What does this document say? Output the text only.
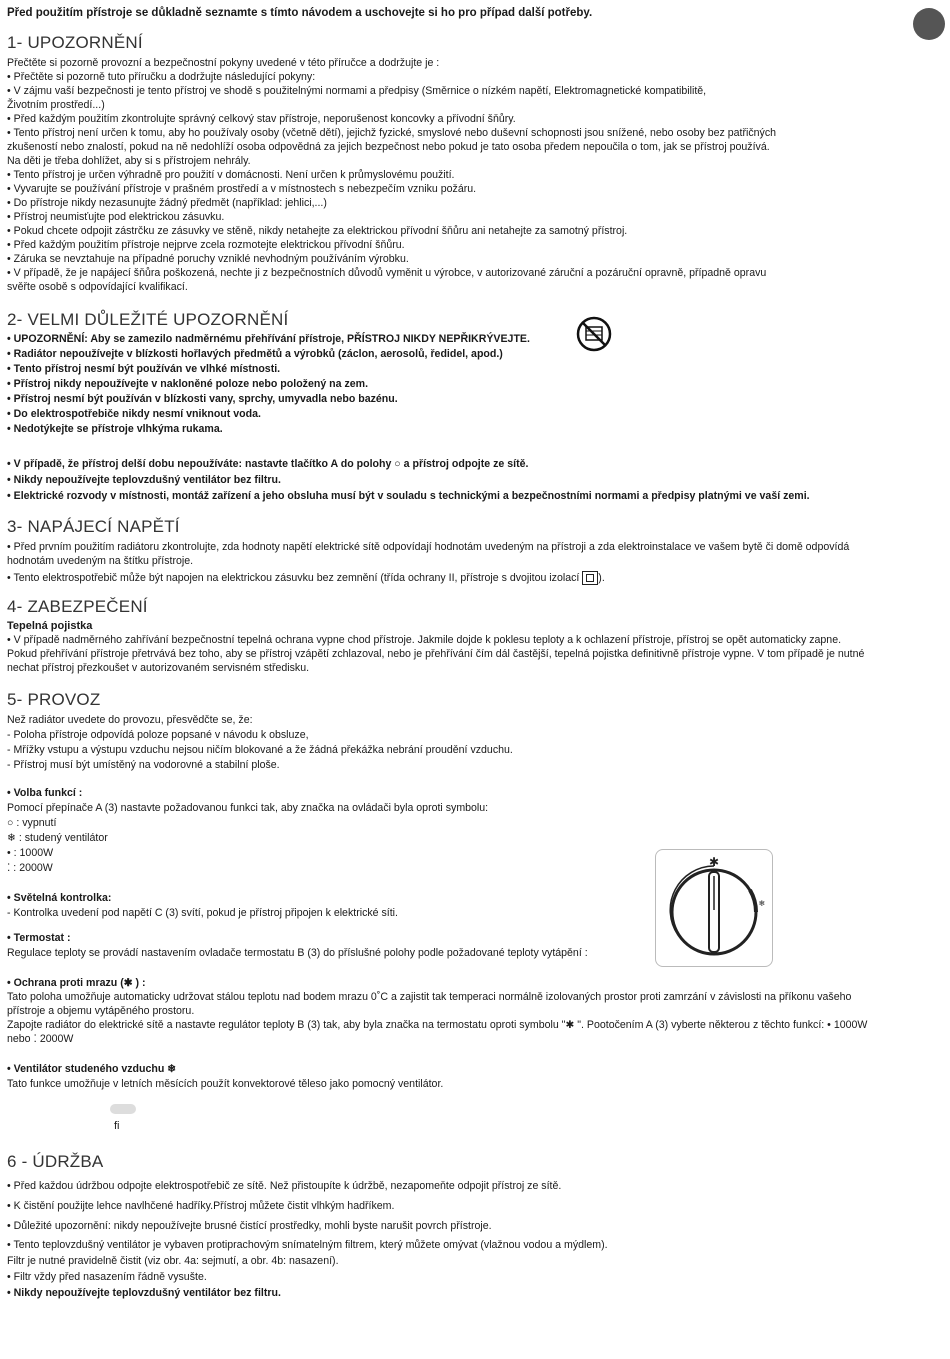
Před použitím přístroje se důkladně seznamte s tímto návodem a uschovejte si ho pro případ další potřeby.
1- UPOZORNĚNÍ

Přečtěte si pozorně provozní a bezpečnostní pokyny uvedené v této příručce a dodržujte je :

• Přečtěte si pozorně tuto příručku a dodržujte následující pokyny:

• V zájmu vaší bezpečnosti je tento přístroj ve shodě s použitelnými normami a předpisy (Směrnice o nízkém napětí, Elektromagnetické kompatibilitě,

Životním prostředí...)

• Před každým použitím zkontrolujte správný celkový stav přístroje, neporušenost koncovky a přívodní šňůry.

• Tento přístroj není určen k tomu, aby ho používaly osoby (včetně dětí), jejichž fyzické, smyslové nebo duševní schopnosti jsou snížené, nebo osoby bez patřičných

zkušeností nebo znalostí, pokud na ně nedohlíží osoba odpovědná za jejich bezpečnost nebo pokud je tato osoba předem nepoučila o tom, jak se přístroj používá.

Na děti je třeba dohlížet, aby si s přístrojem nehrály.

• Tento přístroj je určen výhradně pro použití v domácnosti. Není určen k průmyslovému použití.

• Vyvarujte se používání přístroje v prašném prostředí a v místnostech s nebezpečím vzniku požáru.

• Do přístroje nikdy nezasunujte žádný předmět (například: jehlici,...)

• Přístroj neumisťujte pod elektrickou zásuvku.

• Pokud chcete odpojit zástrčku ze zásuvky ve stěně, nikdy netahejte za elektrickou přívodní šňůru ani netahejte za samotný přístroj.

• Před každým použitím přístroje nejprve zcela rozmotejte elektrickou přívodní šňůru.

• Záruka se nevztahuje na případné poruchy vzniklé nevhodným používáním výrobku.

• V případě, že je napájecí šňůra poškozená, nechte ji z bezpečnostních důvodů vyměnit u výrobce, v autorizované záruční a pozáruční opravně, případně opravu

svěřte osobě s odpovídající kvalifikací.

2- VELMI DŮLEŽITÉ UPOZORNĚNÍ

• UPOZORNĚNÍ: Aby se zamezilo nadměrnému přehřívání přístroje, PŘÍSTROJ NIKDY NEPŘIKRÝVEJTE.

• Radiátor nepoužívejte v blízkosti hořlavých předmětů a výrobků (záclon, aerosolů, ředidel, apod.)

• Tento přístroj nesmí být používán ve vlhké místnosti.

• Přístroj nikdy nepoužívejte v nakloněné poloze nebo položený na zem.

• Přístroj nesmí být používán v blízkosti vany, sprchy, umyvadla nebo bazénu.

• Do elektrospotřebiče nikdy nesmí vniknout voda.

• Nedotýkejte se přístroje vlhkýma rukama.

• V případě, že přístroj delší dobu nepoužíváte: nastavte tlačítko A do polohy ○ a přístroj odpojte ze sítě.

• Nikdy nepoužívejte teplovzdušný ventilátor bez filtru.

• Elektrické rozvody v místnosti, montáž zařízení a jeho obsluha musí být v souladu s technickými a bezpečnostními normami a předpisy platnými ve vaší zemi.

3- NAPÁJECÍ NAPĚTÍ

• Před prvním použitím radiátoru zkontrolujte, zda hodnoty napětí elektrické sítě odpovídají hodnotám uvedeným na přístroji a zda elektroinstalace ve vašem bytě či domě odpovídá

hodnotám uvedeným na štítku přístroje.

• Tento elektrospotřebič může být napojen na elektrickou zásuvku bez zemnění (třída ochrany II, přístroje s dvojitou izolací ).

4- ZABEZPEČENÍ

Tepelná pojistka

• V případě nadměrného zahřívání bezpečnostní tepelná ochrana vypne chod přístroje. Jakmile dojde k poklesu teploty a k ochlazení přístroje, přístroj se opět automaticky zapne.

Pokud přehřívání přístroje přetrvává bez toho, aby se přístroj vzápětí zchlazoval, nebo je přehřívání čím dál častější, tepelná pojistka definitivně přístroje vypne. V tom případě je nutné

nechat přístroj přezkoušet v autorizovaném servisném středisku.

5- PROVOZ

Než radiátor uvedete do provozu, přesvědčte se, že:

- Poloha přístroje odpovídá poloze popsané v návodu k obsluze,

- Mřížky vstupu a výstupu vzduchu nejsou ničím blokované a že žádná překážka nebrání proudění vzduchu.

- Přístroj musí být umístěný na vodorovné a stabilní ploše.

• Volba funkcí :

Pomocí přepínače A (3) nastavte požadovanou funkci tak, aby značka na ovládači byla oproti symbolu:

○ : vypnutí

❄ : studený ventilátor

• : 1000W

⁚ : 2000W	✱
❄

• Světelná kontrolka:

- Kontrolka uvedení pod napětí C (3) svítí, pokud je přístroj připojen k elektrické síti.

• Termostat :

Regulace teploty se provádí nastavením ovladače termostatu B (3) do příslušné polohy podle požadované teploty vytápění :

• Ochrana proti mrazu (✱ ) :

Tato poloha umožňuje automaticky udržovat stálou teplotu nad bodem mrazu 0˚C a zajistit tak temperaci normálně izolovaných prostor proti zamrzání v závislosti na příkonu vašeho

přístroje a objemu vytápěného prostoru.

Zapojte radiátor do elektrické sítě a nastavte regulátor teploty B (3) tak, aby byla značka na termostatu oproti symbolu "✱ ". Pootočením A (3) vyberte některou z těchto funkcí: • 1000W

nebo ⁚ 2000W

• Ventilátor studeného vzduchu ❄

Tato funkce umožňuje v letních měsících použít konvektorové těleso jako pomocný ventilátor.

fi
6 - ÚDRŽBA

• Před každou údržbou odpojte elektrospotřebič ze sítě. Než přistoupíte k údržbě, nezapomeňte odpojit přístroj ze sítě.

• K čistění použijte lehce navlhčené hadříky.Přístroj můžete čistit vlhkým hadříkem.

• Důležité upozornění: nikdy nepoužívejte brusné čistící prostředky, mohli byste narušit povrch přístroje.

• Tento teplovzdušný ventilátor je vybaven protiprachovým snímatelným filtrem, který můžete omývat (vlažnou vodou a mýdlem).

Filtr je nutné pravidelně čistit (viz obr. 4a: sejmutí, a obr. 4b: nasazení).

• Filtr vždy před nasazením řádně vysušte.

• Nikdy nepoužívejte teplovzdušný ventilátor bez filtru.
